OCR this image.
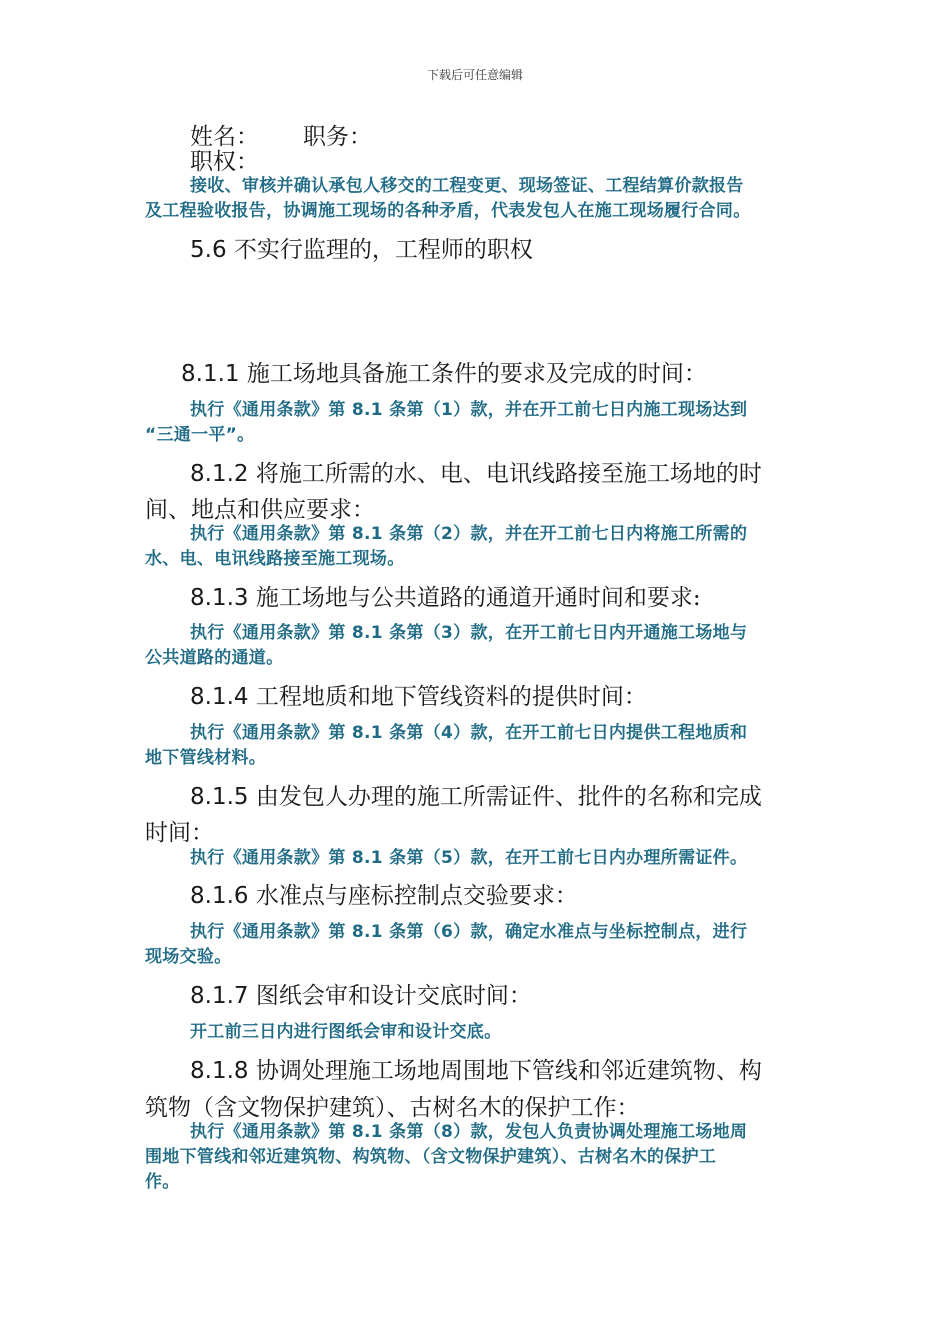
下载后可任意编辑
姓名： 职务：
职权：
接收、审核并确认承包人移交的工程变更、现场签证、工程结算价款报告
及工程验收报告，协调施工现场的各种矛盾，代表发包人在施工现场履行合同。
5.6 不实行监理的，工程师的职权
8.1.1 施工场地具备施工条件的要求及完成的时间：
执行《通用条款》第 8.1 条第（1）款，并在开工前七日内施工现场达到
“三通一平”。
8.1.2 将施工所需的水、电、电讯线路接至施工场地的时
间、地点和供应要求：
执行《通用条款》第 8.1 条第（2）款，并在开工前七日内将施工所需的
水、电、电讯线路接至施工现场。
8.1.3 施工场地与公共道路的通道开通时间和要求:
执行《通用条款》第 8.1 条第（3）款，在开工前七日内开通施工场地与
公共道路的通道。
8.1.4 工程地质和地下管线资料的提供时间：
执行《通用条款》第 8.1 条第（4）款，在开工前七日内提供工程地质和
地下管线材料。
8.1.5 由发包人办理的施工所需证件、批件的名称和完成
时间：
执行《通用条款》第 8.1 条第（5）款，在开工前七日内办理所需证件。
8.1.6 水准点与座标控制点交验要求：
执行《通用条款》第 8.1 条第（6）款，确定水准点与坐标控制点，进行
现场交验。
8.1.7 图纸会审和设计交底时间：
开工前三日内进行图纸会审和设计交底。
8.1.8 协调处理施工场地周围地下管线和邻近建筑物、构
筑物（含文物保护建筑）、古树名木的保护工作：
执行《通用条款》第 8.1 条第（8）款，发包人负责协调处理施工场地周
围地下管线和邻近建筑物、构筑物、（含文物保护建筑）、古树名木的保护工
作。
